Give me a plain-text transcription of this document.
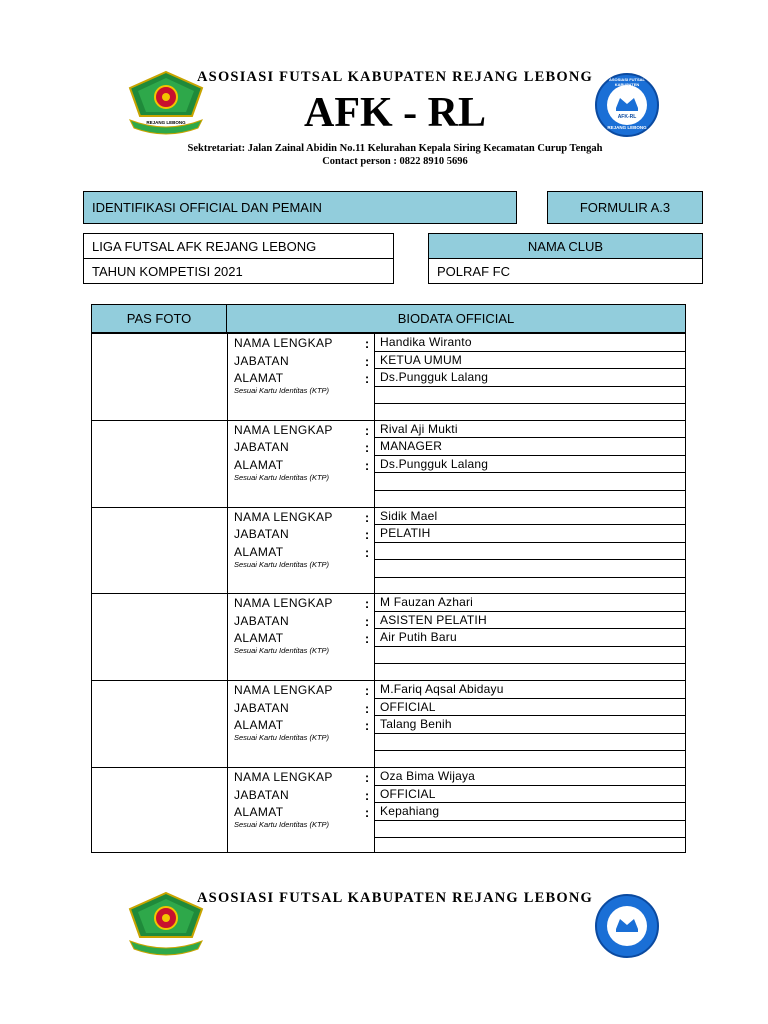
REJANG LEBONG
ASOSIASI FUTSAL KABUPATEN
AFK-RL
REJANG LEBONG
ASOSIASI FUTSAL KABUPATEN REJANG LEBONG
AFK - RL
Sektretariat: Jalan Zainal Abidin No.11 Kelurahan Kepala Siring Kecamatan Curup Tengah
Contact person : 0822 8910 5696
IDENTIFIKASI OFFICIAL DAN PEMAIN	FORMULIR A.3
LIGA FUTSAL AFK REJANG LEBONG
TAHUN KOMPETISI 2021
NAMA CLUB
POLRAF FC
PAS FOTO	BIODATA OFFICIAL
NAMA LENGKAP	: Handika Wiranto
JABATAN	: KETUA UMUM
ALAMAT	: Ds.Pungguk Lalang
Sesuai Kartu Identitas (KTP)
NAMA LENGKAP	: Rival Aji Mukti
JABATAN	: MANAGER
ALAMAT	: Ds.Pungguk Lalang
Sesuai Kartu Identitas (KTP)
NAMA LENGKAP	: Sidik Mael
JABATAN	: PELATIH
ALAMAT	:
Sesuai Kartu Identitas (KTP)
NAMA LENGKAP	: M Fauzan Azhari
JABATAN	: ASISTEN PELATIH
ALAMAT	: Air Putih Baru
Sesuai Kartu Identitas (KTP)
NAMA LENGKAP	: M.Fariq Aqsal Abidayu
JABATAN	: OFFICIAL
ALAMAT	: Talang Benih
Sesuai Kartu Identitas (KTP)
NAMA LENGKAP	: Oza Bima Wijaya
JABATAN	: OFFICIAL
ALAMAT	: Kepahiang
Sesuai Kartu Identitas (KTP)
ASOSIASI FUTSAL KABUPATEN REJANG LEBONG
